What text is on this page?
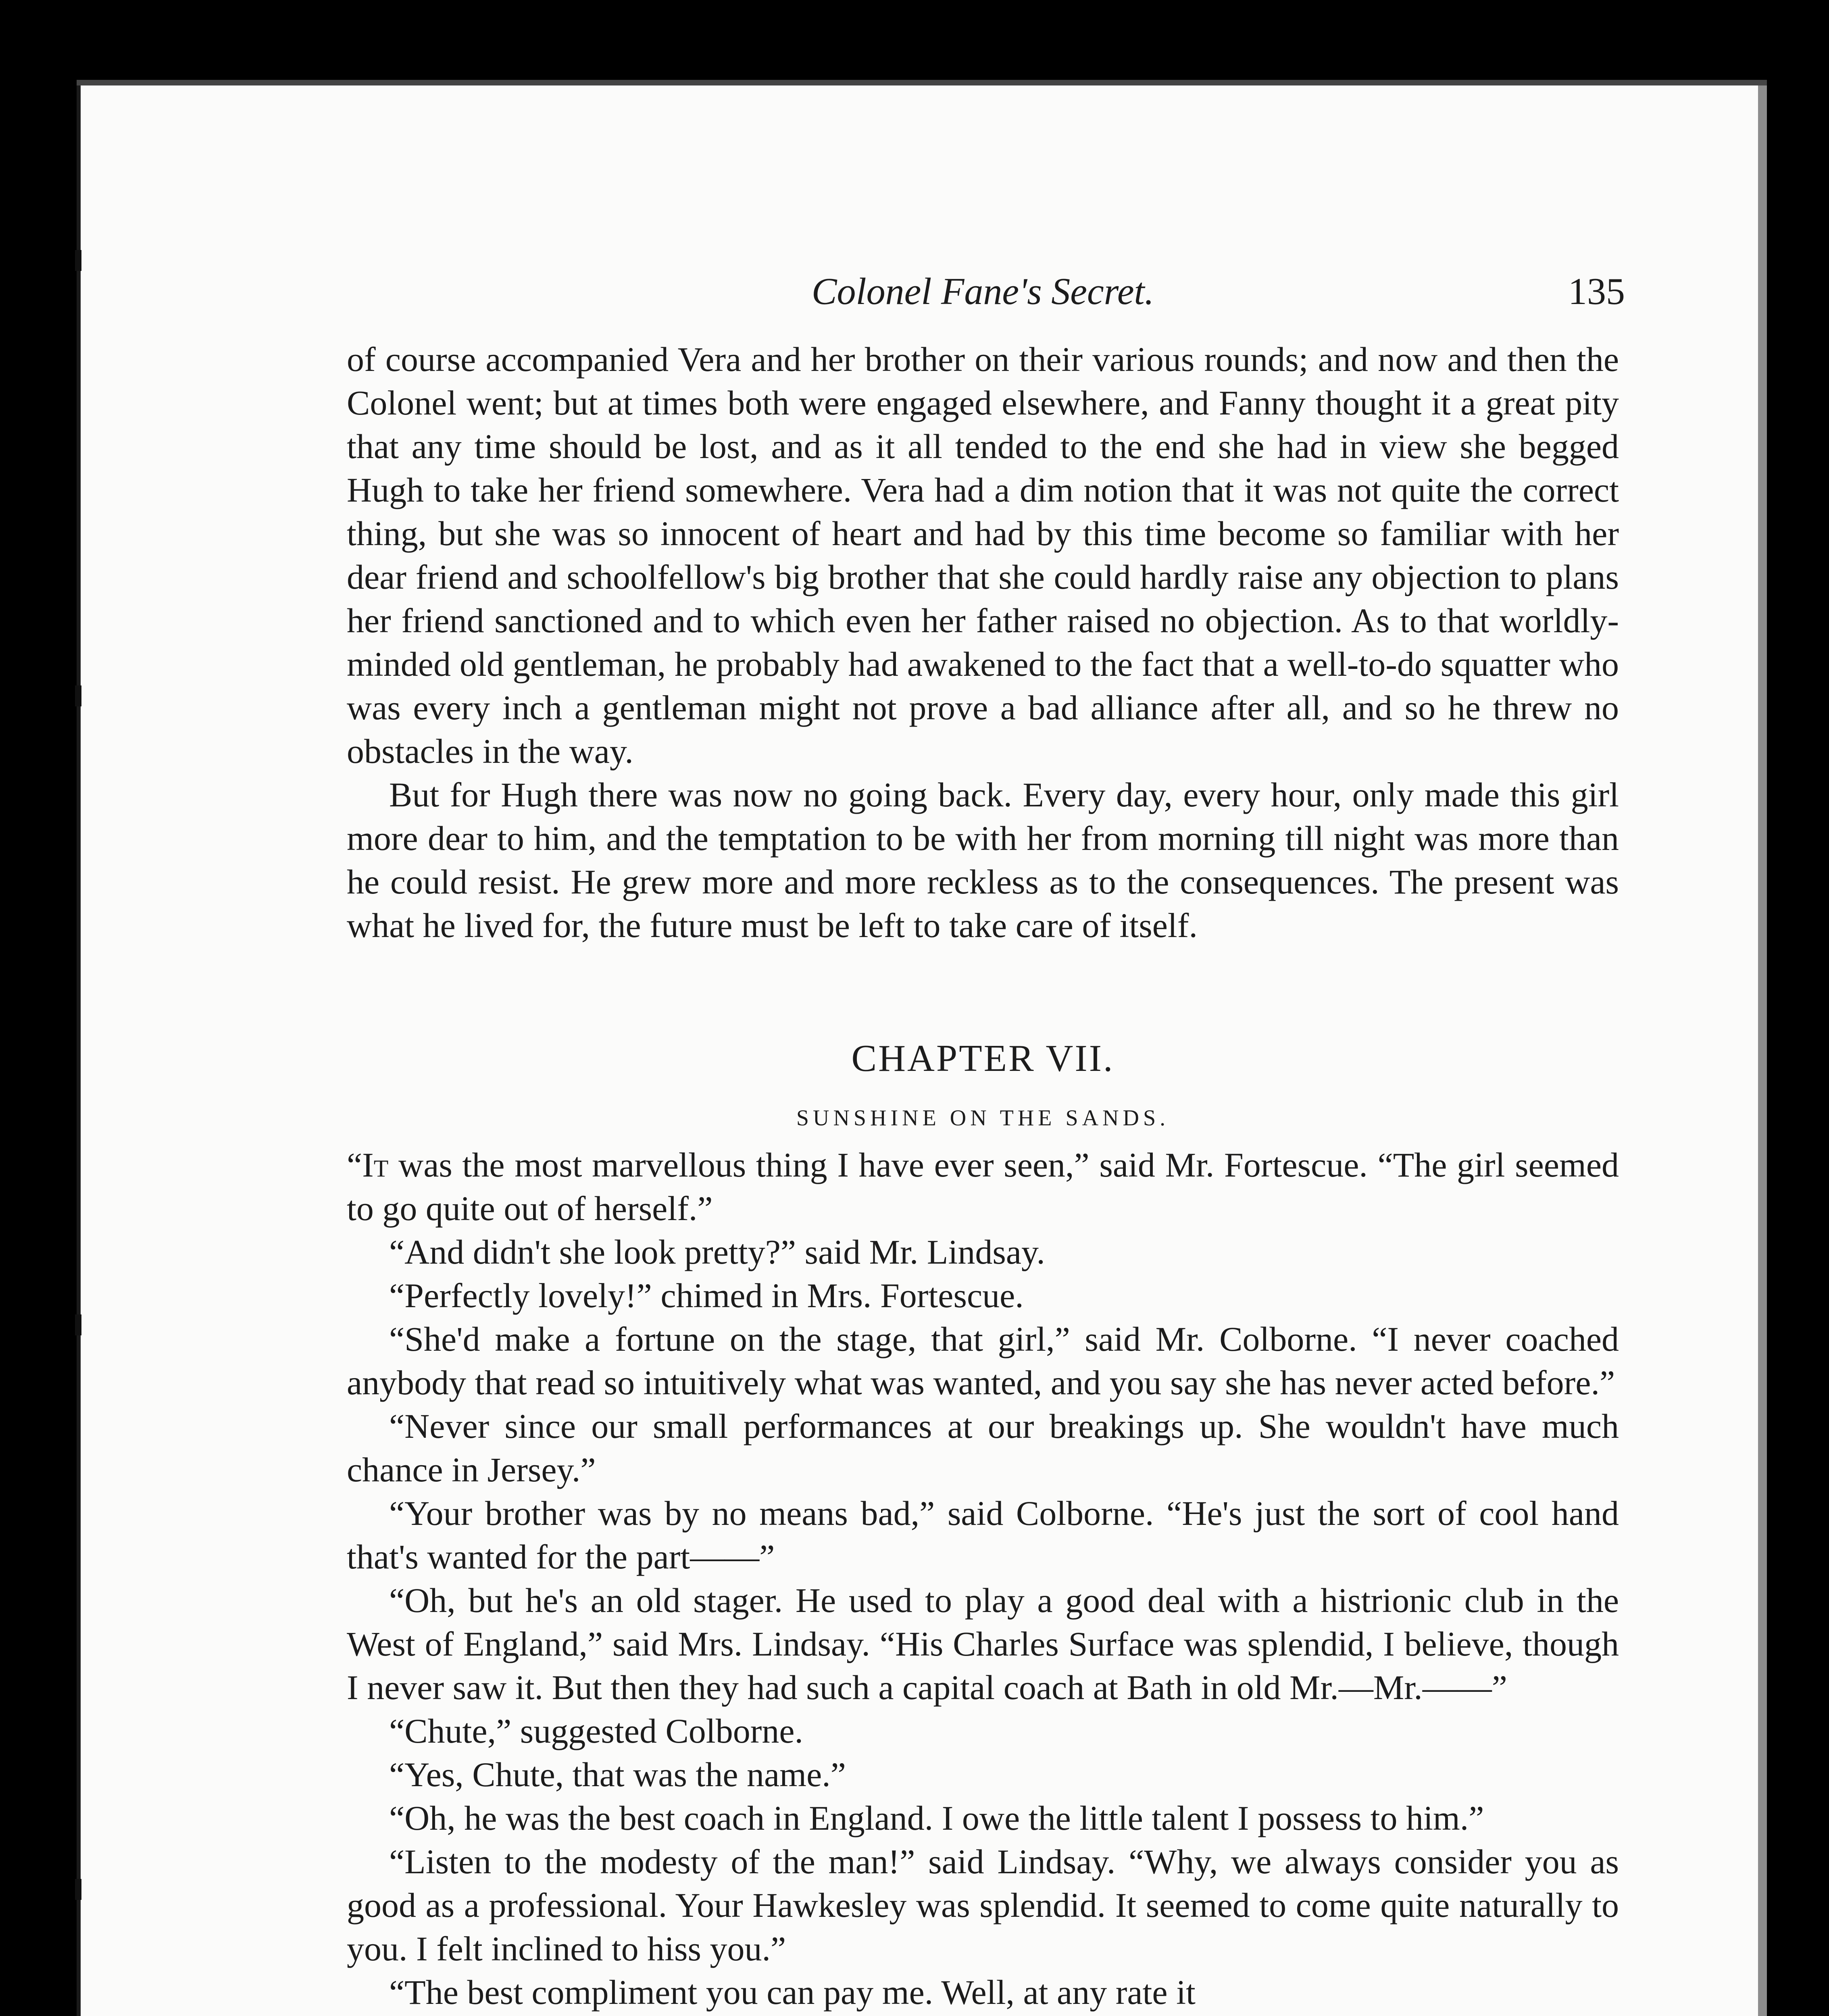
Colonel Fane's Secret.	135

of course accompanied Vera and her brother on their various rounds; and now and then the Colonel went; but at times both were engaged elsewhere, and Fanny thought it a great pity that any time should be lost, and as it all tended to the end she had in view she begged Hugh to take her friend somewhere. Vera had a dim notion that it was not quite the correct thing, but she was so innocent of heart and had by this time become so familiar with her dear friend and schoolfellow's big brother that she could hardly raise any objection to plans her friend sanctioned and to which even her father raised no objection. As to that worldly-minded old gentleman, he probably had awakened to the fact that a well-to-do squatter who was every inch a gentleman might not prove a bad alliance after all, and so he threw no obstacles in the way.

But for Hugh there was now no going back. Every day, every hour, only made this girl more dear to him, and the temptation to be with her from morning till night was more than he could resist. He grew more and more reckless as to the consequences. The present was what he lived for, the future must be left to take care of itself.

CHAPTER VII.
SUNSHINE ON THE SANDS.

“It was the most marvellous thing I have ever seen,” said Mr. Fortescue. “The girl seemed to go quite out of herself.”

“And didn't she look pretty?” said Mr. Lindsay.

“Perfectly lovely!” chimed in Mrs. Fortescue.

“She'd make a fortune on the stage, that girl,” said Mr. Colborne. “I never coached anybody that read so intuitively what was wanted, and you say she has never acted before.”

“Never since our small performances at our breakings up. She wouldn't have much chance in Jersey.”

“Your brother was by no means bad,” said Colborne. “He's just the sort of cool hand that's wanted for the part——”

“Oh, but he's an old stager. He used to play a good deal with a histrionic club in the West of England,” said Mrs. Lindsay. “His Charles Surface was splendid, I believe, though I never saw it. But then they had such a capital coach at Bath in old Mr.—Mr.——”

“Chute,” suggested Colborne.

“Yes, Chute, that was the name.”

“Oh, he was the best coach in England. I owe the little talent I possess to him.”

“Listen to the modesty of the man!” said Lindsay. “Why, we always consider you as good as a professional. Your Hawkesley was splendid. It seemed to come quite naturally to you. I felt inclined to hiss you.”

“The best compliment you can pay me. Well, at any rate it
